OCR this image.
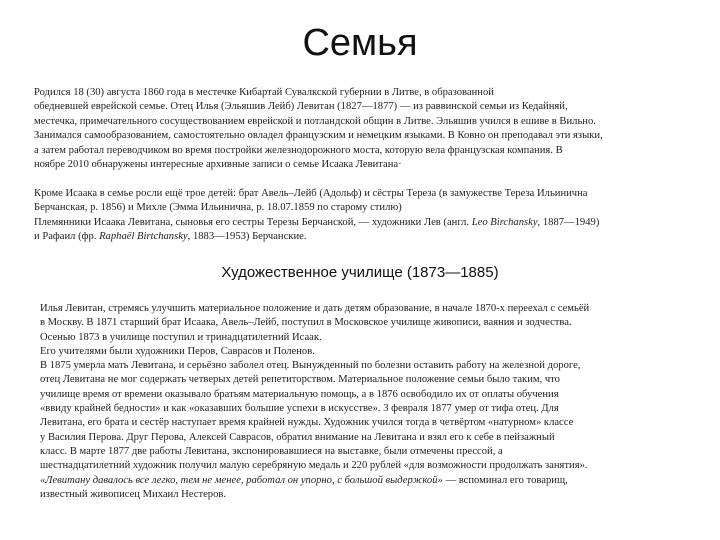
Семья
Родился 18 (30) августа 1860 года в местечке Кибартай Сувалкской губернии в Литве, в образованной
обедневшей еврейской семье. Отец Илья (Эльяшив Лейб) Левитан (1827—1877) — из раввинской семьи из Кедайняй,
местечка, примечательного сосуществованием еврейской и потландской общин в Литве. Эльяшив учился в ешиве в Вильно.
Занимался самообразованием, самостоятельно овладел французским и немецким языками. В Ковно он преподавал эти языки,
а затем работал переводчиком во время постройки железнодорожного моста, которую вела французская компания. В
ноябре 2010 обнаружены интересные архивные записи о семье Исаака Левитана·
Кроме Исаака в семье росли ещё трое детей: брат Авель–Лейб (Адольф) и сёстры Тереза (в замужестве Тереза Ильинична
Берчанская, р. 1856) и Михле (Эмма Ильинична, р. 18.07.1859 по старому стилю)
Племянники Исаака Левитана, сыновья его сестры Терезы Берчанской, — художники Лев (англ. Leo Birchansky, 1887—1949)
и Рафаил (фр. Raphaël Birtchansky, 1883—1953) Берчанские.
Художественное училище (1873—1885)
Илья Левитан, стремясь улучшить материальное положение и дать детям образование, в начале 1870-х переехал с семьёй
в Москву. В 1871 старший брат Исаака, Авель–Лейб, поступил в Московское училище живописи, ваяния и зодчества.
Осенью 1873 в училище поступил и тринадцатилетний Исаак.
Его учителями были художники Перов, Саврасов и Поленов.
В 1875 умерла мать Левитана, и серьёзно заболел отец. Вынужденный по болезни оставить работу на железной дороге,
отец Левитана не мог содержать четверых детей репетиторством. Материальное положение семьи было таким, что
училище время от времени оказывало братьям материальную помощь, а в 1876 освободило их от оплаты обучения
«ввиду крайней бедности» и как «оказавших большие успехи в искусстве». 3 февраля 1877 умер от тифа отец. Для
Левитана, его брата и сестёр наступает время крайней нужды. Художник учился тогда в четвёртом «натурном» классе
у Василия Перова. Друг Перова, Алексей Саврасов, обратил внимание на Левитана и взял его к себе в пейзажный
класс. В марте 1877 две работы Левитана, экспонировавшиеся на выставке, были отмечены прессой, а
шестнадцатилетний художник получил малую серебряную медаль и 220 рублей «для возможности продолжать занятия».
«Левитану давалось все легко, тем не менее, работал он упорно, с большой выдержкой» — вспоминал его товарищ,
известный живописец Михаил Нестеров.
